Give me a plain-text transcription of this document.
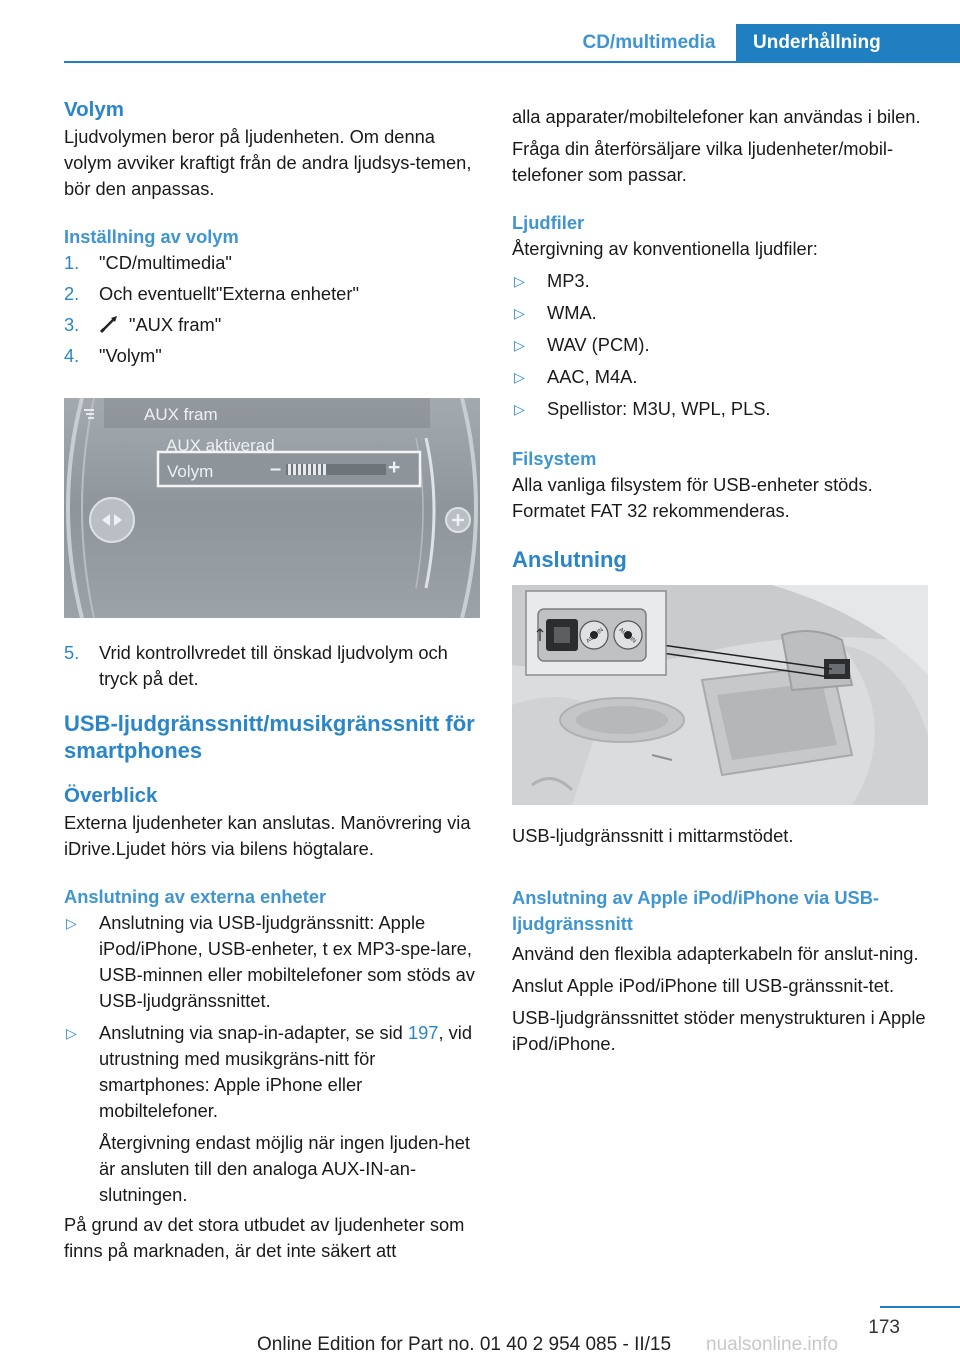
CD/multimedia	Underhållning
Volym
Ljudvolymen beror på ljudenheten. Om denna volym avviker kraftigt från de andra ljudsys‐temen, bör den anpassas.
Inställning av volym
1. "CD/multimedia"
2. Och eventuellt"Externa enheter"
3.	"AUX fram"
4. "Volym"
AUX fram
AUX aktiverad
Volym	–	+
5. Vrid kontrollvredet till önskad ljudvolym och tryck på det.
USB-ljudgränssnitt/musikgränssnitt för smartphones
Överblick
Externa ljudenheter kan anslutas. Manövrering via iDrive.Ljudet hörs via bilens högtalare.
Anslutning av externa enheter
▷ Anslutning via USB-ljudgränssnitt: Apple iPod/iPhone, USB-enheter, t ex MP3-spe‐lare, USB-minnen eller mobiltelefoner som stöds av USB-ljudgränssnittet.
▷ Anslutning via snap-in-adapter, se sid 197, vid utrustning med musikgräns‐nitt för smartphones: Apple iPhone eller mobiltelefoner.
Återgivning endast möjlig när ingen ljuden‐het är ansluten till den analoga AUX-IN-an‐slutningen.
På grund av det stora utbudet av ljudenheter som finns på marknaden, är det inte säkert att
alla apparater/mobiltelefoner kan användas i bilen.
Fråga din återförsäljare vilka ljudenheter/mobil‐telefoner som passar.
Ljudfiler
Återgivning av konventionella ljudfiler:
▷ MP3.
▷ WMA.
▷ WAV (PCM).
▷ AAC, M4A.
▷ Spellistor: M3U, WPL, PLS.
Filsystem
Alla vanliga filsystem för USB-enheter stöds. Formatet FAT 32 rekommenderas.
Anslutning
AUX-IN	AUX-IN
USB-ljudgränssnitt i mittarmstödet.
Anslutning av Apple iPod/iPhone via USB-ljudgränssnitt
Använd den flexibla adapterkabeln för anslut‐ning.
Anslut Apple iPod/iPhone till USB-gränssnit‐tet.
USB-ljudgränssnittet stöder menystrukturen i Apple iPod/iPhone.
173
Online Edition for Part no. 01 40 2 954 085 - II/15 nualsonline.info
